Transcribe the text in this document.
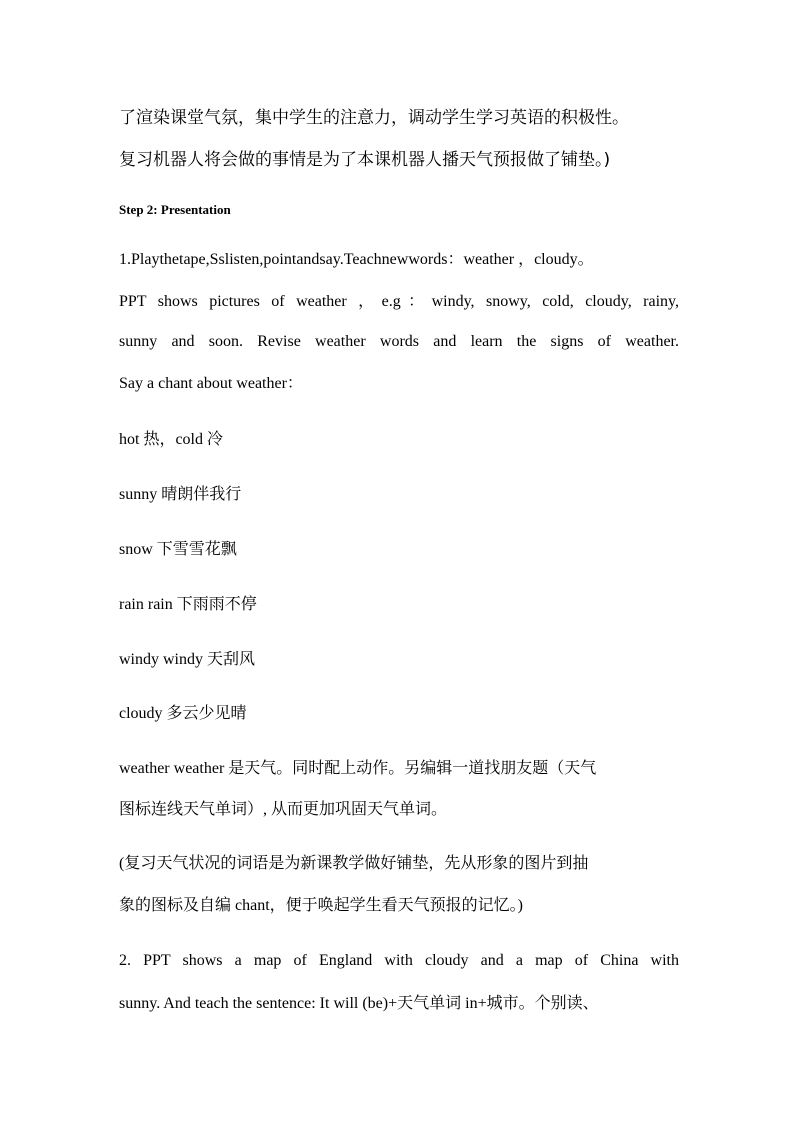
了渲染课堂气氛，集中学生的注意力，调动学生学习英语的积极性。
复习机器人将会做的事情是为了本课机器人播天气预报做了铺垫。)
Step 2: Presentation
1.Playthetape,Sslisten,pointandsay.Teachnewwords：weather ，cloudy。
PPT shows pictures of weather ，e.g：windy, snowy, cold, cloudy, rainy,
sunny and soon. Revise weather words and learn the signs of weather.
Say a chant about weather：
hot 热，cold 冷
sunny 晴朗伴我行
snow 下雪雪花飘
rain rain 下雨雨不停
windy windy 天刮风
cloudy 多云少见晴
weather weather 是天气。同时配上动作。另编辑一道找朋友题（天气
图标连线天气单词）, 从而更加巩固天气单词。
(复习天气状况的词语是为新课教学做好铺垫，先从形象的图片到抽
象的图标及自编 chant，便于唤起学生看天气预报的记忆。)
2. PPT shows a map of England with cloudy and a map of China with
sunny. And teach the sentence: It will (be)+天气单词 in+城市。个别读、
